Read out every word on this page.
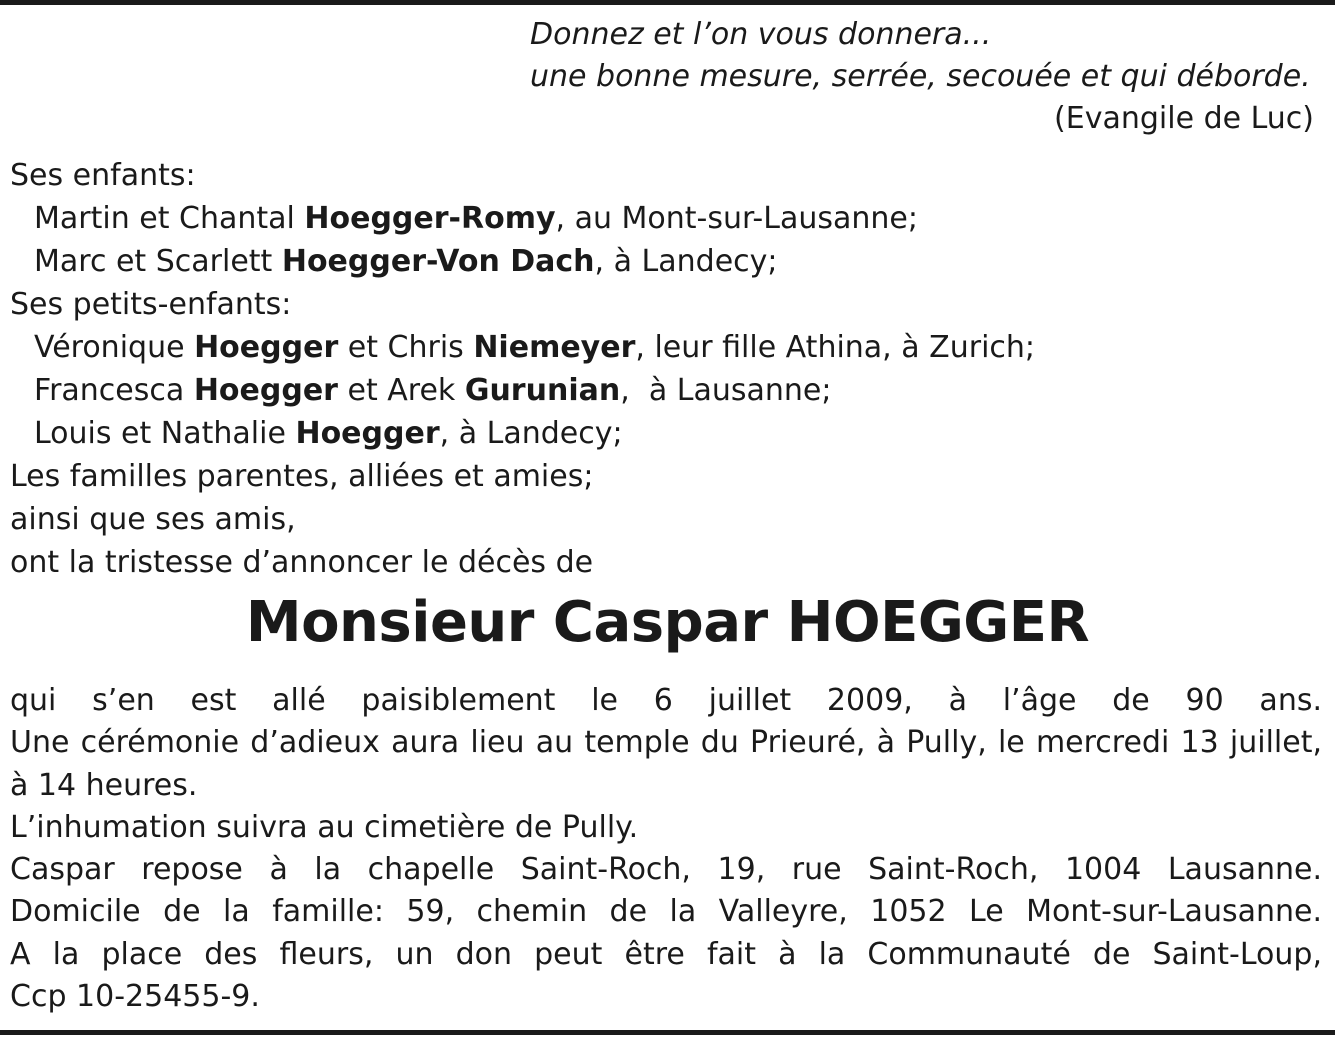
Donnez et l’on vous donnera...
une bonne mesure, serrée, secouée et qui déborde.
(Evangile de Luc)
Ses enfants:
Martin et Chantal Hoegger-Romy, au Mont-sur-Lausanne;
Marc et Scarlett Hoegger-Von Dach, à Landecy;
Ses petits-enfants:
Véronique Hoegger et Chris Niemeyer, leur fille Athina, à Zurich;
Francesca Hoegger et Arek Gurunian,  à Lausanne;
Louis et Nathalie Hoegger, à Landecy;
Les familles parentes, alliées et amies;
ainsi que ses amis,
ont la tristesse d’annoncer le décès de
Monsieur Caspar HOEGGER
qui s’en est allé paisiblement le 6 juillet 2009, à l’âge de 90 ans.
Une cérémonie d’adieux aura lieu au temple du Prieuré, à Pully, le mercredi 13 juillet,
à 14 heures.
L’inhumation suivra au cimetière de Pully.
Caspar repose à la chapelle Saint-Roch, 19, rue Saint-Roch, 1004 Lausanne.
Domicile de la famille: 59, chemin de la Valleyre, 1052 Le Mont-sur-Lausanne.
A la place des fleurs, un don peut être fait à la Communauté de Saint-Loup,
Ccp 10-25455-9.
